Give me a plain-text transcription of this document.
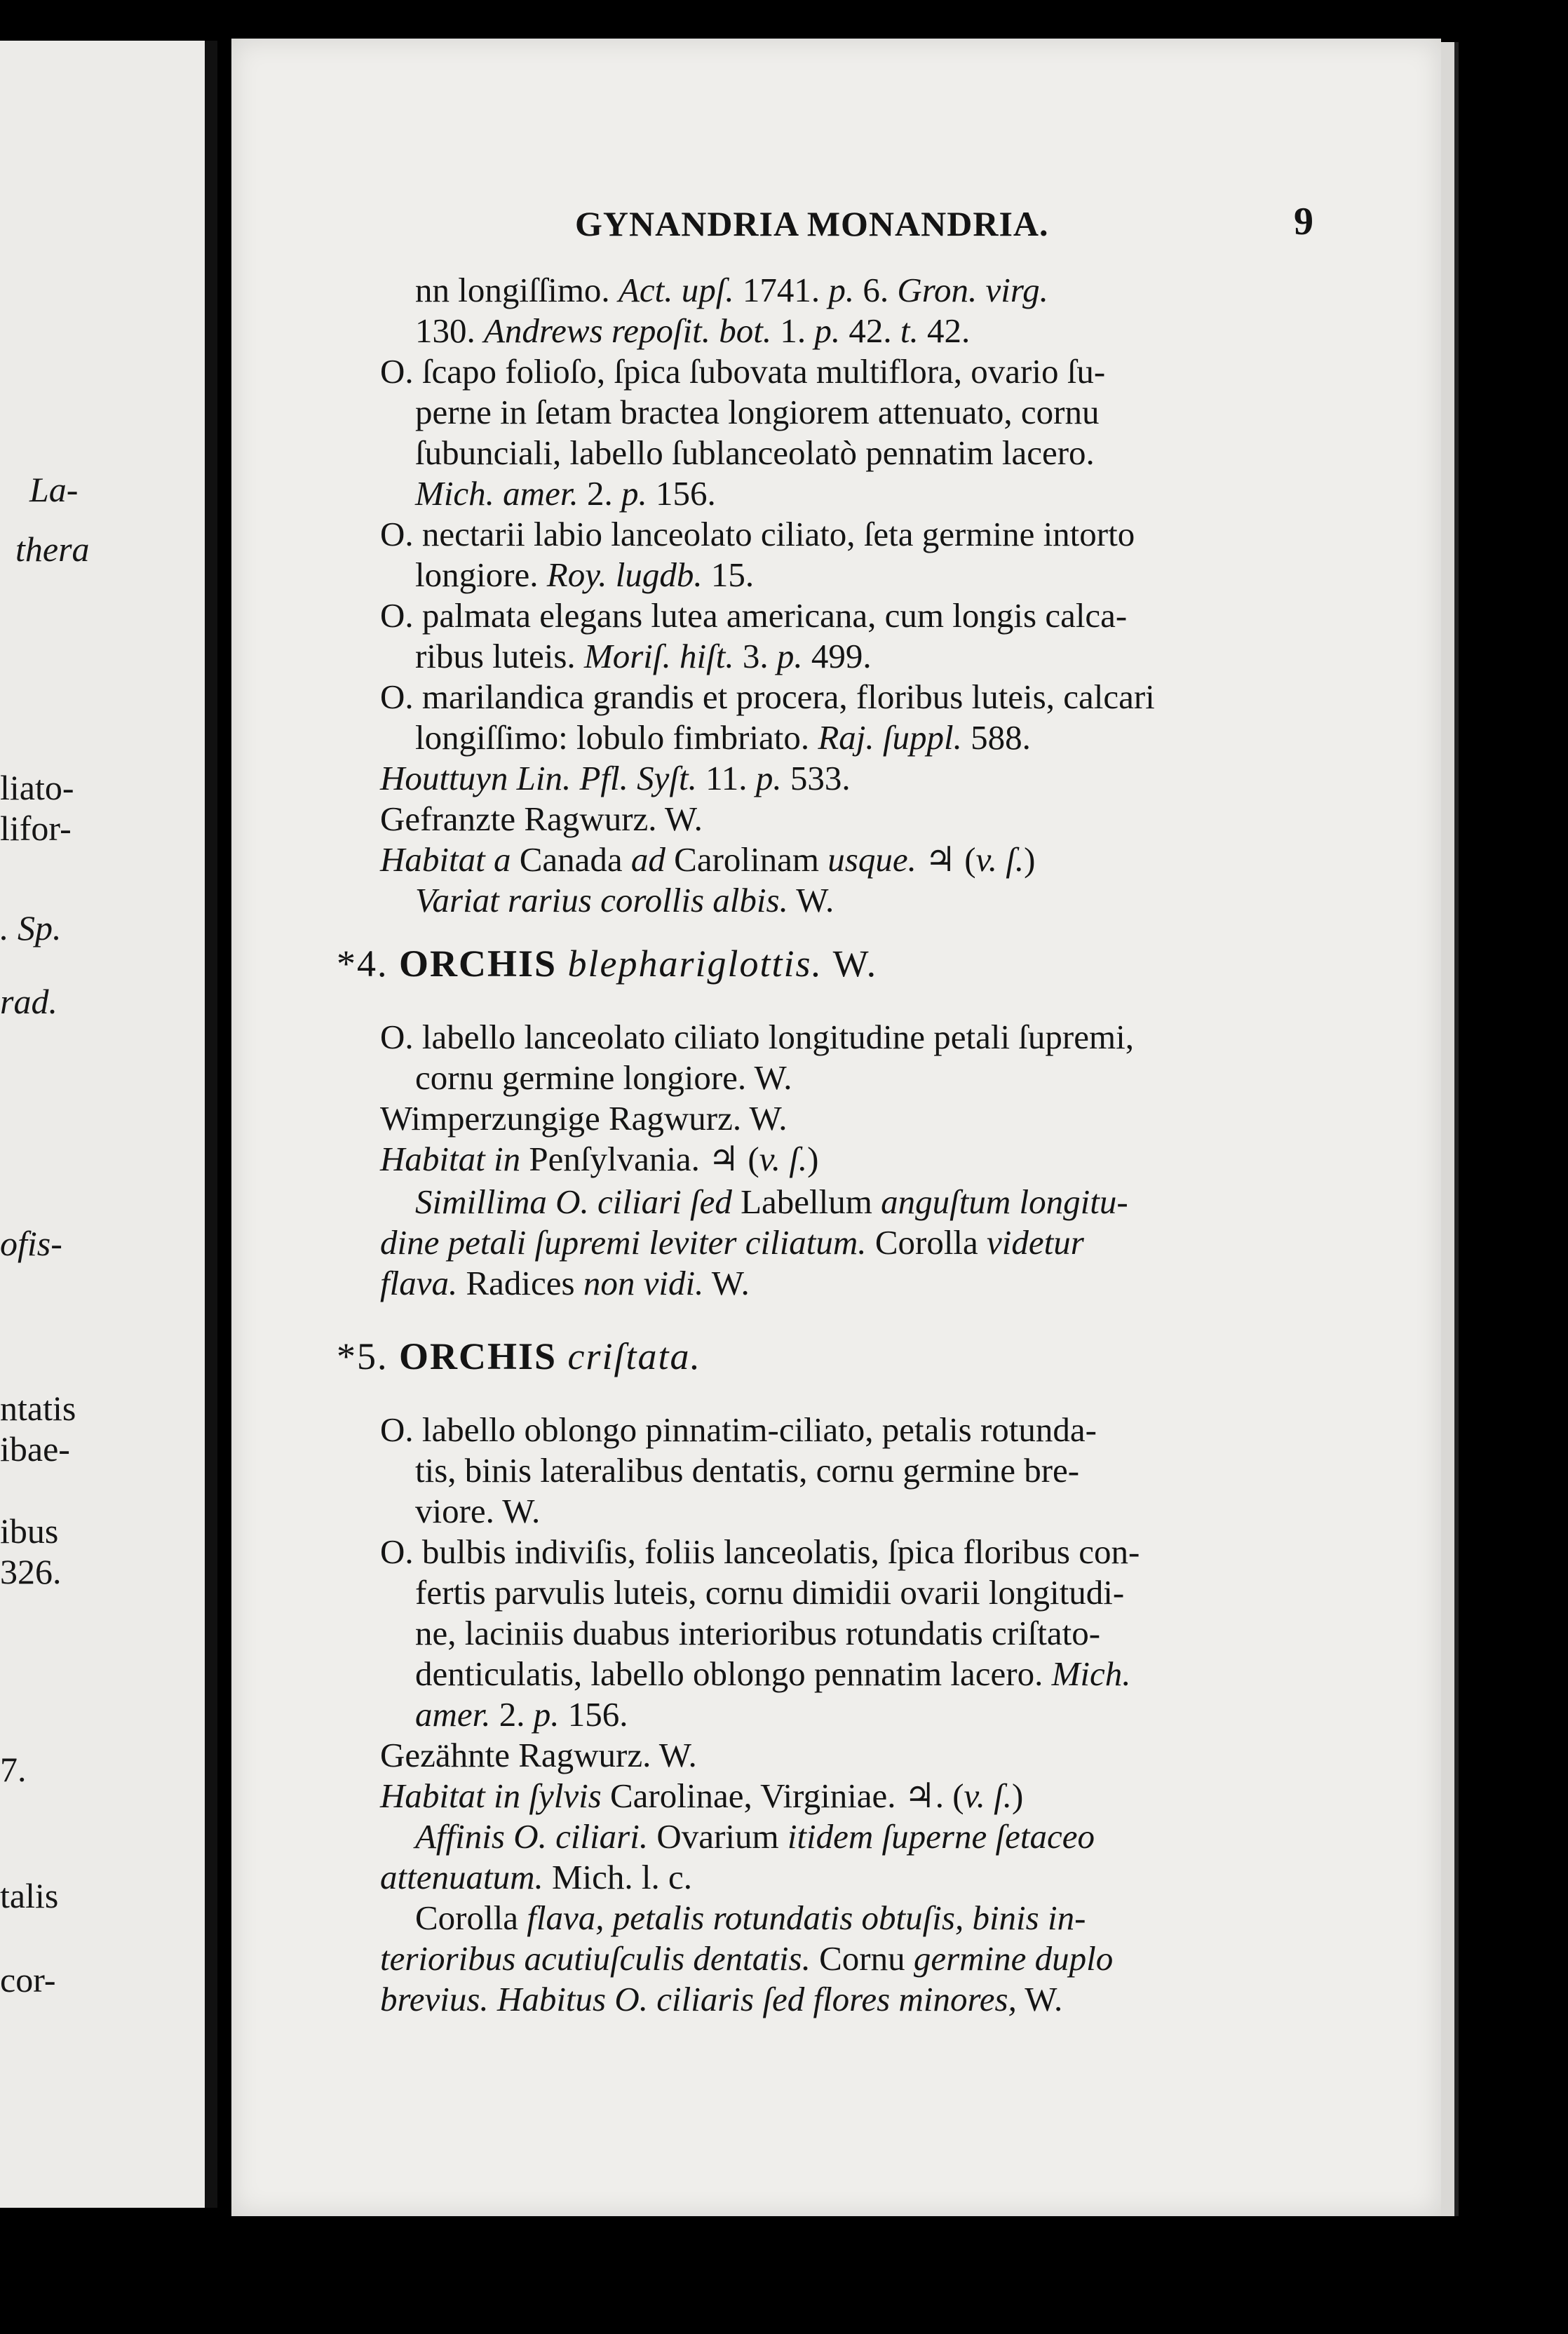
La-
thera
liato-
lifor-
. Sp.
rad.
ofis-
ntatis
ibae-
ibus
326.
7.
talis
cor-
GYNANDRIA MONANDRIA.	9
nn longiſſimo. Act. upſ. 1741. p. 6. Gron. virg.
130. Andrews repoſit. bot. 1. p. 42. t. 42.
O. ſcapo folioſo, ſpica ſubovata multiflora, ovario ſu-
perne in ſetam bractea longiorem attenuato, cornu
ſubunciali, labello ſublanceolatò pennatim lacero.
Mich. amer. 2. p. 156.
O. nectarii labio lanceolato ciliato, ſeta germine intorto
longiore. Roy. lugdb. 15.
O. palmata elegans lutea americana, cum longis calca-
ribus luteis. Moriſ. hiſt. 3. p. 499.
O. marilandica grandis et procera, floribus luteis, calcari
longiſſimo: lobulo fimbriato. Raj. ſuppl. 588.
Houttuyn Lin. Pfl. Syſt. 11. p. 533.
Gefranzte Ragwurz. W.
Habitat a Canada ad Carolinam usque. ♃ (v. ſ.)
Variat rarius corollis albis. W.
*4. ORCHIS blephariglottis. W.
O. labello lanceolato ciliato longitudine petali ſupremi,
cornu germine longiore. W.
Wimperzungige Ragwurz. W.
Habitat in Penſylvania. ♃ (v. ſ.)
Simillima O. ciliari ſed Labellum anguſtum longitu-
dine petali ſupremi leviter ciliatum. Corolla videtur
flava. Radices non vidi. W.
*5. ORCHIS criſtata.
O. labello oblongo pinnatim-ciliato, petalis rotunda-
tis, binis lateralibus dentatis, cornu germine bre-
viore. W.
O. bulbis indiviſis, foliis lanceolatis, ſpica floribus con-
fertis parvulis luteis, cornu dimidii ovarii longitudi-
ne, laciniis duabus interioribus rotundatis criſtato-
denticulatis, labello oblongo pennatim lacero. Mich.
amer. 2. p. 156.
Gezähnte Ragwurz. W.
Habitat in ſylvis Carolinae, Virginiae. ♃. (v. ſ.)
Affinis O. ciliari. Ovarium itidem ſuperne ſetaceo
attenuatum. Mich. l. c.
Corolla flava, petalis rotundatis obtuſis, binis in-
terioribus acutiuſculis dentatis. Cornu germine duplo
brevius. Habitus O. ciliaris ſed flores minores, W.
